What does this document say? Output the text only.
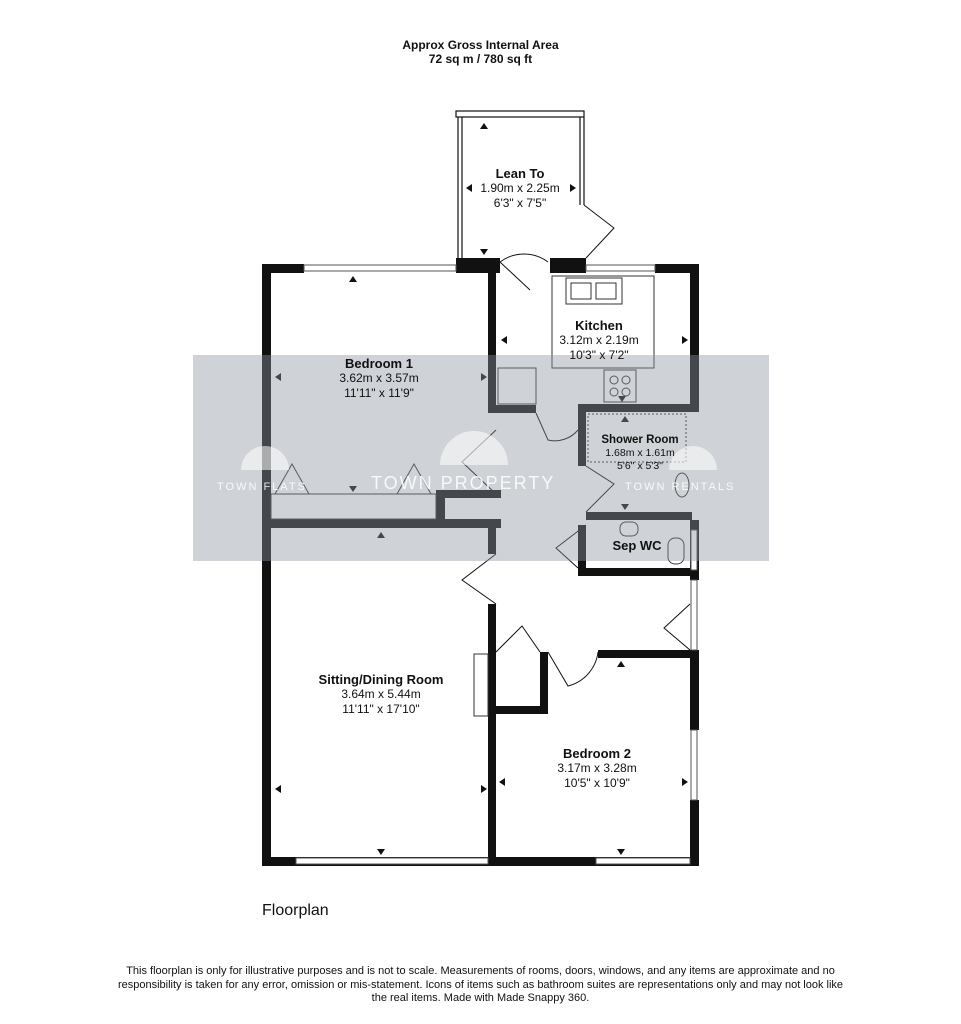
Approx Gross Internal Area
72 sq m / 780 sq ft
TOWN FLATS	TOWN PROPERTY	TOWN RENTALS
Lean To
1.90m x 2.25m
6'3" x 7'5"
Kitchen
3.12m x 2.19m
10'3" x 7'2"
Bedroom 1
3.62m x 3.57m
11'11" x 11'9"
Shower Room
1.68m x 1.61m
5'6" x 5'3"
Sep WC
Sitting/Dining Room
3.64m x 5.44m
11'11" x 17'10"
Bedroom 2
3.17m x 3.28m
10'5" x 10'9"
Floorplan
This floorplan is only for illustrative purposes and is not to scale. Measurements of rooms, doors, windows, and any items are approximate and no responsibility is taken for any error, omission or mis-statement. Icons of items such as bathroom suites are representations only and may not look like the real items. Made with Made Snappy 360.
